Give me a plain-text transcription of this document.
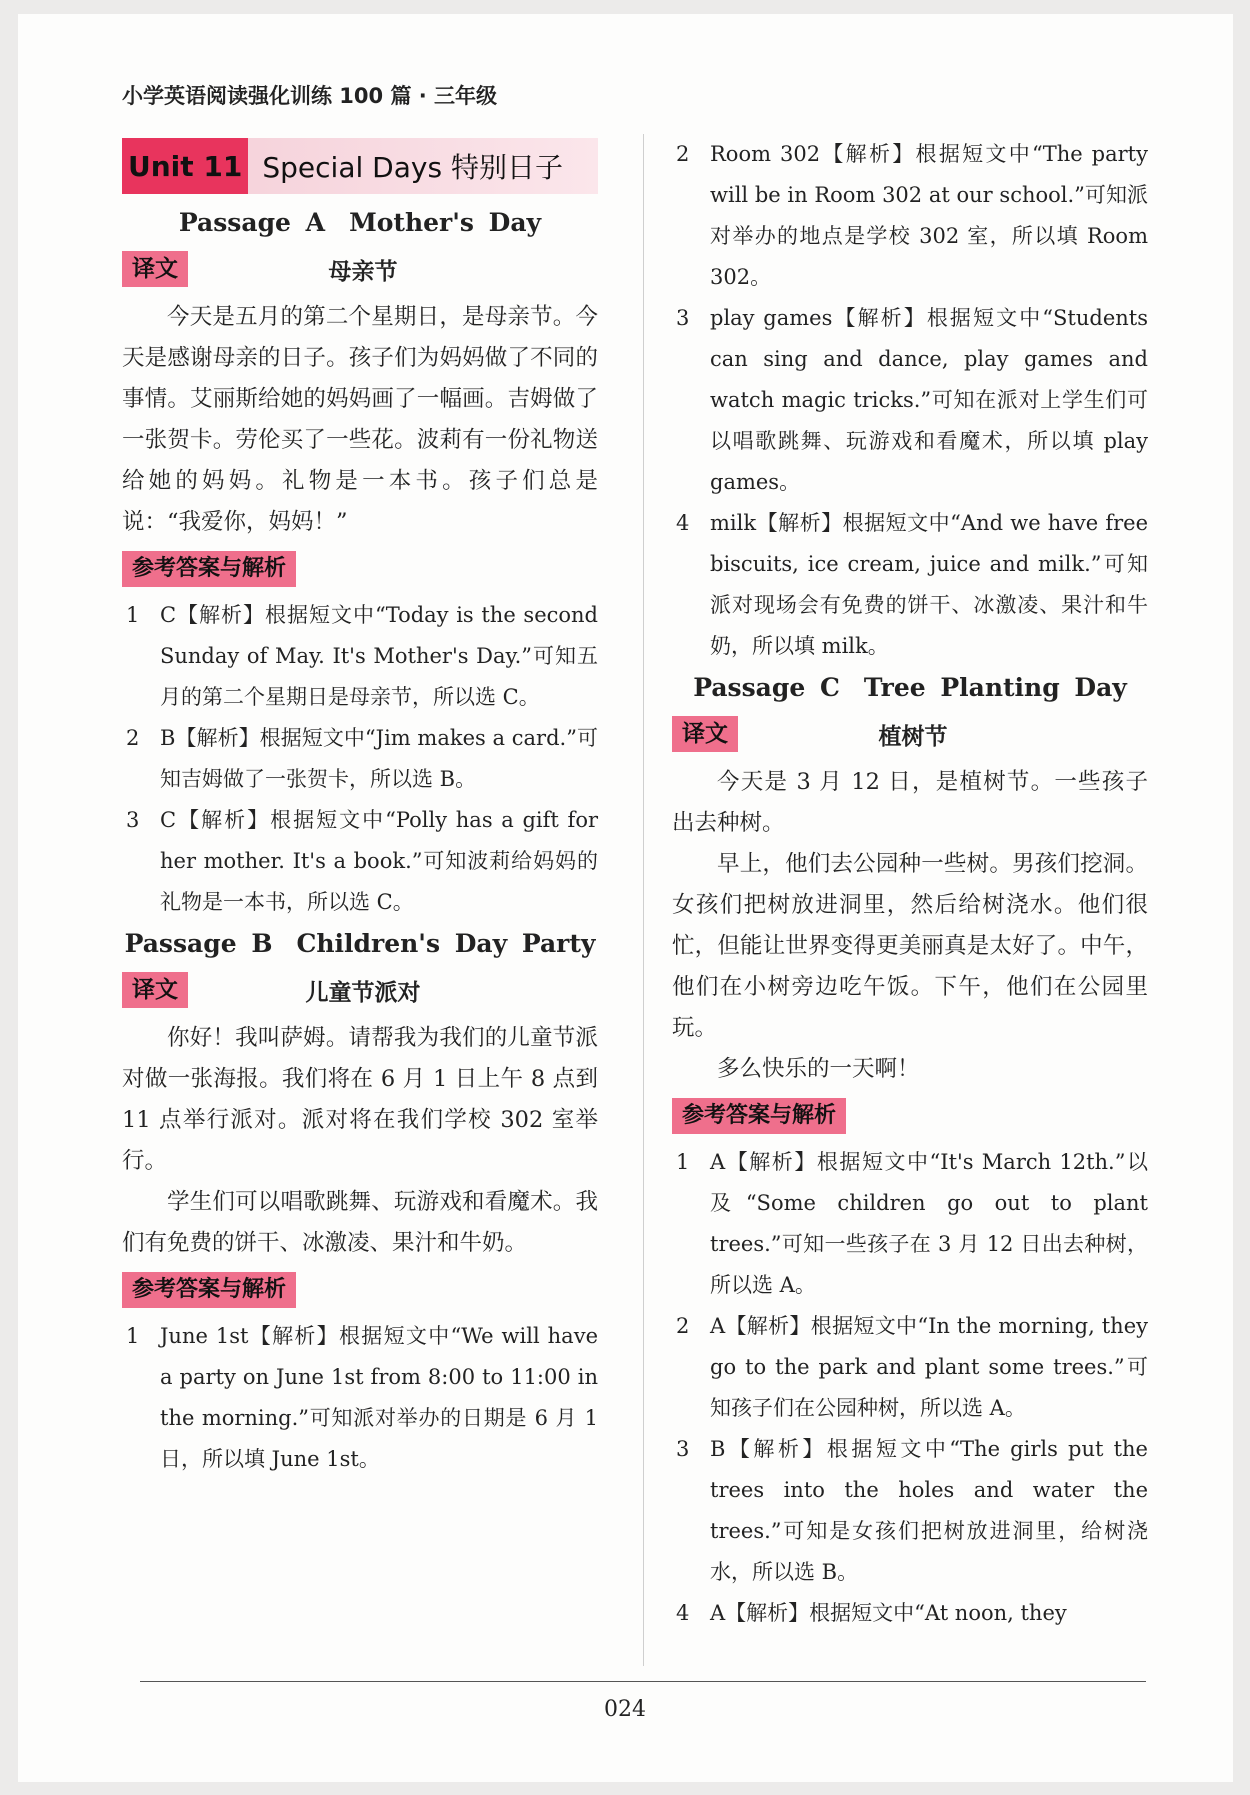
小学英语阅读强化训练 100 篇 · 三年级
Unit 11 Special Days 特别日子
Passage A Mother's Day
译文	母亲节

今天是五月的第二个星期日，是母亲节。今天是感谢母亲的日子。孩子们为妈妈做了不同的事情。艾丽斯给她的妈妈画了一幅画。吉姆做了一张贺卡。劳伦买了一些花。波莉有一份礼物送给她的妈妈。礼物是一本书。孩子们总是说：“我爱你，妈妈！”

参考答案与解析
1 C【解析】根据短文中“Today is the second Sunday of May. It's Mother's Day.”可知五月的第二个星期日是母亲节，所以选 C。
2 B【解析】根据短文中“Jim makes a card.”可知吉姆做了一张贺卡，所以选 B。
3 C【解析】根据短文中“Polly has a gift for her mother. It's a book.”可知波莉给妈妈的礼物是一本书，所以选 C。
Passage B Children's Day Party
译文	儿童节派对

你好！我叫萨姆。请帮我为我们的儿童节派对做一张海报。我们将在 6 月 1 日上午 8 点到 11 点举行派对。派对将在我们学校 302 室举行。

学生们可以唱歌跳舞、玩游戏和看魔术。我们有免费的饼干、冰激凌、果汁和牛奶。

参考答案与解析
1 June 1st【解析】根据短文中“We will have a party on June 1st from 8:00 to 11:00 in the morning.”可知派对举办的日期是 6 月 1 日，所以填 June 1st。
2 Room 302【解析】根据短文中“The party will be in Room 302 at our school.”可知派对举办的地点是学校 302 室，所以填 Room 302。
3 play games【解析】根据短文中“Students can sing and dance, play games and watch magic tricks.”可知在派对上学生们可以唱歌跳舞、玩游戏和看魔术，所以填 play games。
4 milk【解析】根据短文中“And we have free biscuits, ice cream, juice and milk.”可知派对现场会有免费的饼干、冰激凌、果汁和牛奶，所以填 milk。
Passage C Tree Planting Day
译文	植树节

今天是 3 月 12 日，是植树节。一些孩子出去种树。

早上，他们去公园种一些树。男孩们挖洞。女孩们把树放进洞里，然后给树浇水。他们很忙，但能让世界变得更美丽真是太好了。中午，他们在小树旁边吃午饭。下午，他们在公园里玩。

多么快乐的一天啊！

参考答案与解析
1 A【解析】根据短文中“It's March 12th.”以及“Some children go out to plant trees.”可知一些孩子在 3 月 12 日出去种树，所以选 A。
2 A【解析】根据短文中“In the morning, they go to the park and plant some trees.”可知孩子们在公园种树，所以选 A。
3 B【解析】根据短文中“The girls put the trees into the holes and water the trees.”可知是女孩们把树放进洞里，给树浇水，所以选 B。
4 A【解析】根据短文中“At noon, they
024
